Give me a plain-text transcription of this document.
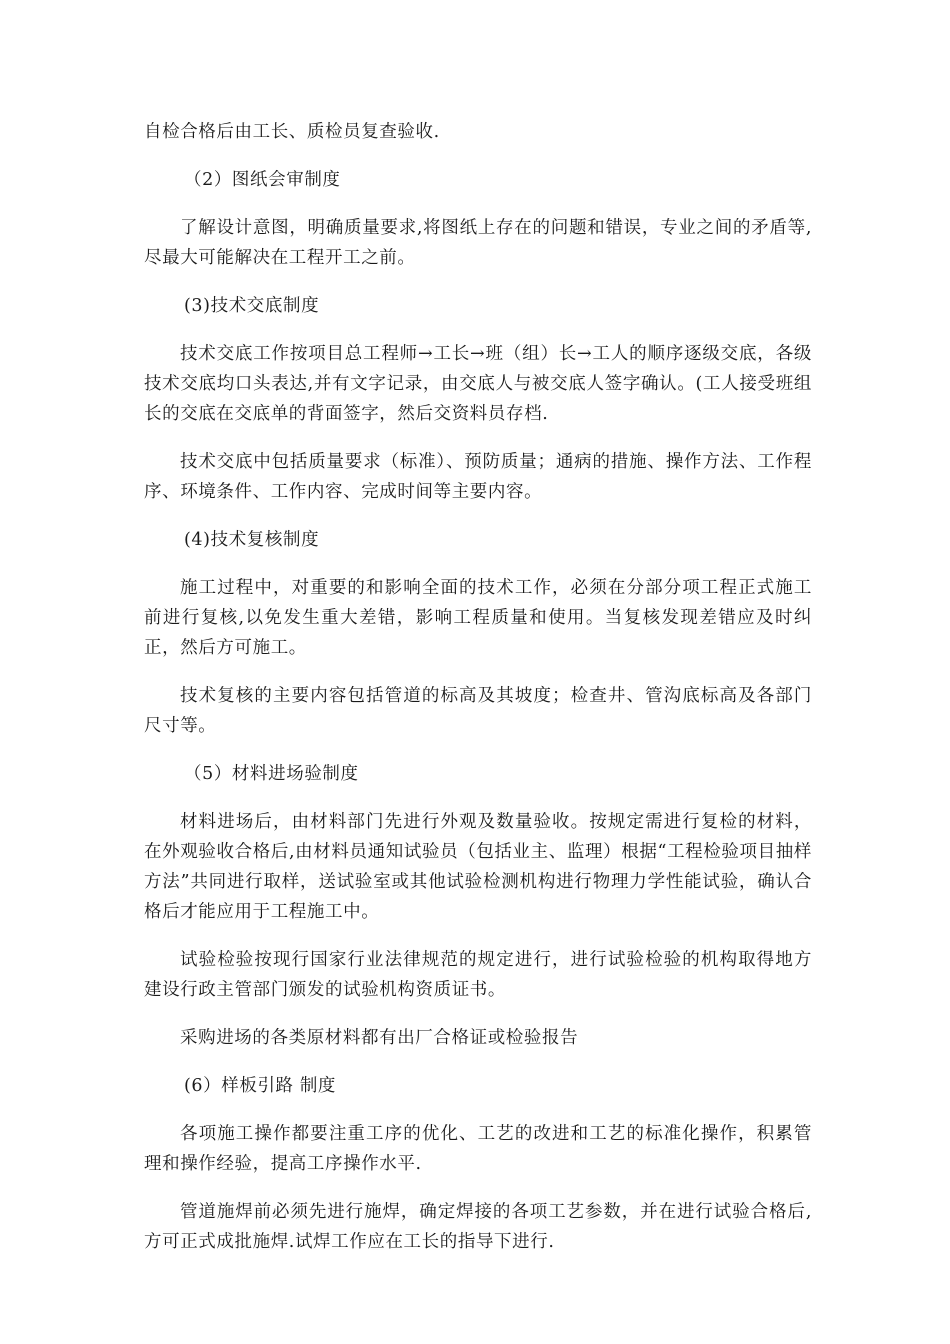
自检合格后由工长、质检员复查验收.

（2）图纸会审制度

了解设计意图，明确质量要求,将图纸上存在的问题和错误，专业之间的矛盾等,尽最大可能解决在工程开工之前。

(3)技术交底制度

技术交底工作按项目总工程师→工长→班（组）长→工人的顺序逐级交底，各级技术交底均口头表达,并有文字记录，由交底人与被交底人签字确认。(工人接受班组长的交底在交底单的背面签字，然后交资料员存档.

技术交底中包括质量要求（标准）、预防质量；通病的措施、操作方法、工作程序、环境条件、工作内容、完成时间等主要内容。

(4)技术复核制度

施工过程中，对重要的和影响全面的技术工作，必须在分部分项工程正式施工前进行复核,以免发生重大差错，影响工程质量和使用。当复核发现差错应及时纠正，然后方可施工。

技术复核的主要内容包括管道的标高及其坡度；检查井、管沟底标高及各部门尺寸等。

（5）材料进场验制度

材料进场后，由材料部门先进行外观及数量验收。按规定需进行复检的材料，在外观验收合格后,由材料员通知试验员（包括业主、监理）根据“工程检验项目抽样方法”共同进行取样，送试验室或其他试验检测机构进行物理力学性能试验，确认合格后才能应用于工程施工中。

试验检验按现行国家行业法律规范的规定进行，进行试验检验的机构取得地方建设行政主管部门颁发的试验机构资质证书。

采购进场的各类原材料都有出厂合格证或检验报告

(6）样板引路 制度

各项施工操作都要注重工序的优化、工艺的改进和工艺的标准化操作，积累管理和操作经验，提高工序操作水平.

管道施焊前必须先进行施焊，确定焊接的各项工艺参数，并在进行试验合格后,方可正式成批施焊.试焊工作应在工长的指导下进行.
